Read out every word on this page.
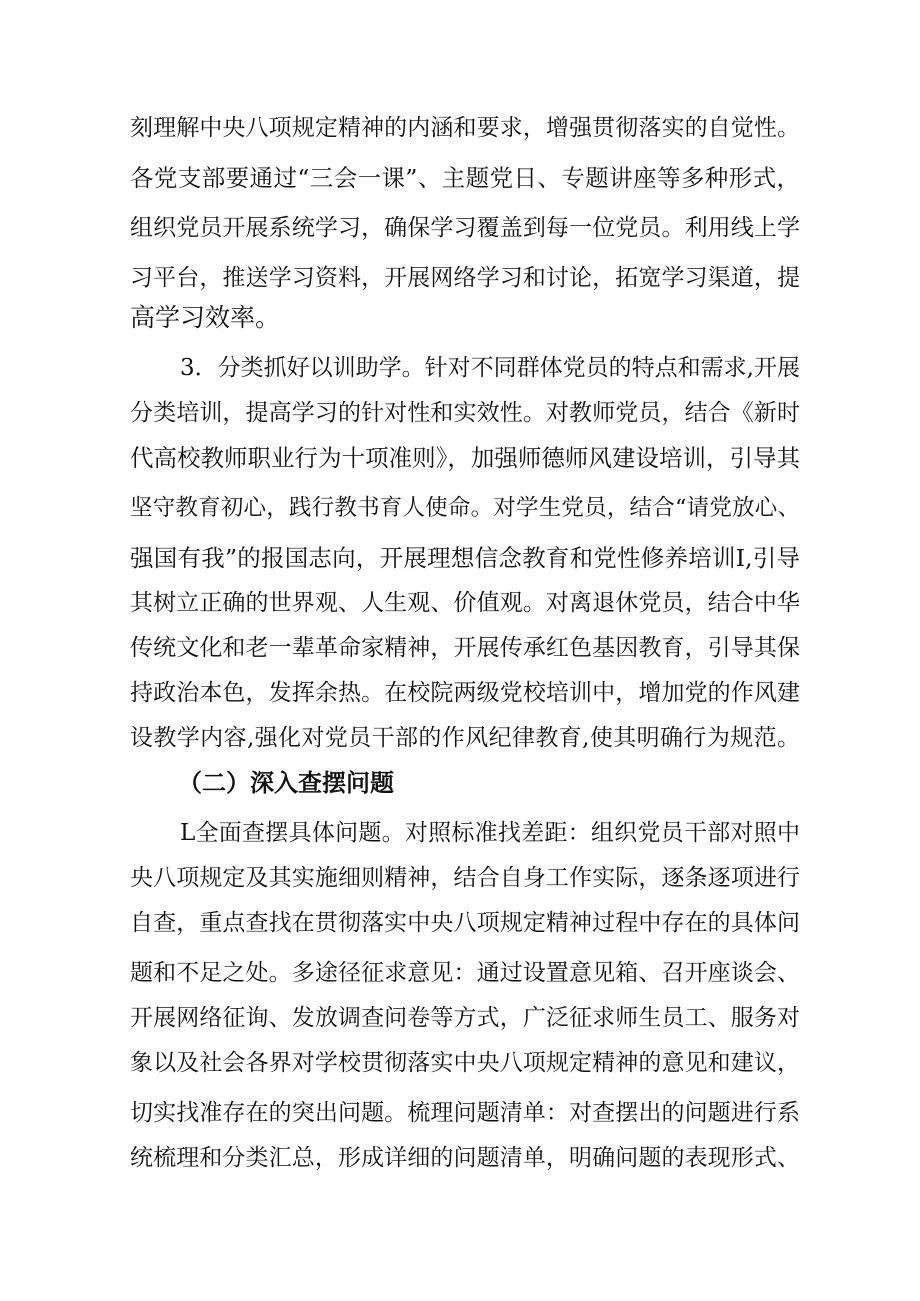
刻理解中央八项规定精神的内涵和要求，增强贯彻落实的自觉性。

各党支部要通过“三会一课”、主题党日、专题讲座等多种形式，

组织党员开展系统学习，确保学习覆盖到每一位党员。利用线上学

习平台，推送学习资料，开展网络学习和讨论，拓宽学习渠道，提

高学习效率。

3．分类抓好以训助学。针对不同群体党员的特点和需求,开展

分类培训，提高学习的针对性和实效性。对教师党员，结合《新时

代高校教师职业行为十项准则》，加强师德师风建设培训，引导其

坚守教育初心，践行教书育人使命。对学生党员，结合“请党放心、

强国有我”的报国志向，开展理想信念教育和党性修养培训I,引导

其树立正确的世界观、人生观、价值观。对离退休党员，结合中华

传统文化和老一辈革命家精神，开展传承红色基因教育，引导其保

持政治本色，发挥余热。在校院两级党校培训中，增加党的作风建

设教学内容,强化对党员干部的作风纪律教育,使其明确行为规范。

（二）深入查摆问题

L全面查摆具体问题。对照标准找差距：组织党员干部对照中

央八项规定及其实施细则精神，结合自身工作实际，逐条逐项进行

自查，重点查找在贯彻落实中央八项规定精神过程中存在的具体问

题和不足之处。多途径征求意见：通过设置意见箱、召开座谈会、

开展网络征询、发放调查问卷等方式，广泛征求师生员工、服务对

象以及社会各界对学校贯彻落实中央八项规定精神的意见和建议，

切实找准存在的突出问题。梳理问题清单：对查摆出的问题进行系

统梳理和分类汇总，形成详细的问题清单，明确问题的表现形式、
